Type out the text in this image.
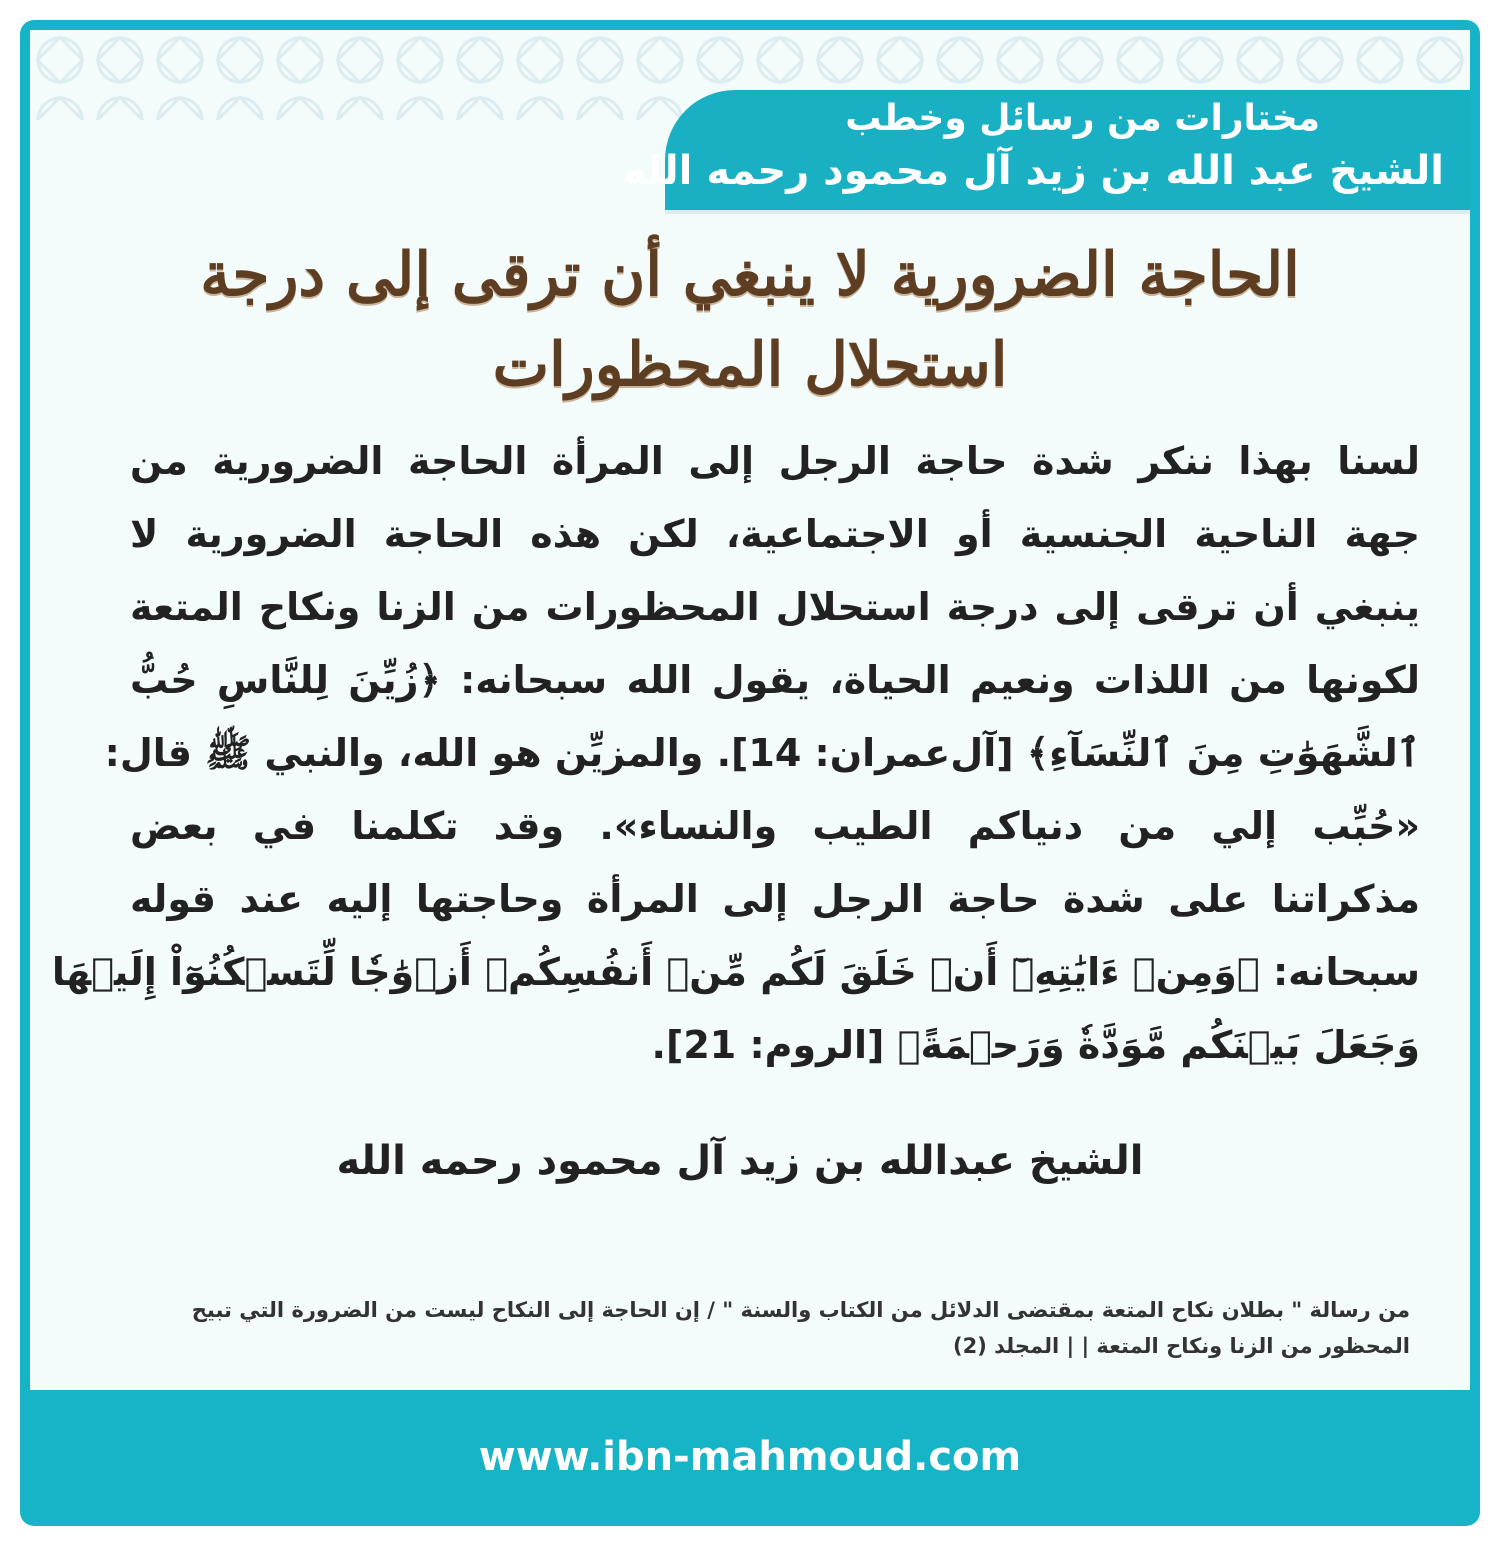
مختارات من رسائل وخطب
الشيخ عبد الله بن زيد آل محمود رحمه الله
الحاجة الضرورية لا ينبغي أن ترقى إلى درجة
استحلال المحظورات
لسنا بهذا ننكر شدة حاجة الرجل إلى المرأة الحاجة الضرورية من
جهة الناحية الجنسية أو الاجتماعية، لكن هذه الحاجة الضرورية لا
ينبغي أن ترقى إلى درجة استحلال المحظورات من الزنا ونكاح المتعة
لكونها من اللذات ونعيم الحياة، يقول الله سبحانه: ﴿زُيِّنَ لِلنَّاسِ حُبُّ
ٱلشَّهَوَٰتِ مِنَ ٱلنِّسَآءِ﴾ [آل‌عمران: 14]. والمزيِّن هو الله، والنبي ﷺ قال:
«حُبِّب إلي من دنياكم الطيب والنساء». وقد تكلمنا في بعض
مذكراتنا على شدة حاجة الرجل إلى المرأة وحاجتها إليه عند قوله
سبحانه: ﴿وَمِنۡ ءَايَٰتِهِۦٓ أَنۡ خَلَقَ لَكُم مِّنۡ أَنفُسِكُمۡ أَزۡوَٰجٗا لِّتَسۡكُنُوٓاْ إِلَيۡهَا
وَجَعَلَ بَيۡنَكُم مَّوَدَّةٗ وَرَحۡمَةً﴾ [الروم: 21].
الشيخ عبدالله بن زيد آل محمود رحمه الله
من رسالة " بطلان نكاح المتعة بمقتضى الدلائل من الكتاب والسنة " / إن الحاجة إلى النكاح ليست من الضرورة التي تبيح
المحظور من الزنا ونكاح المتعة | | المجلد (2)
www.ibn-mahmoud.com
